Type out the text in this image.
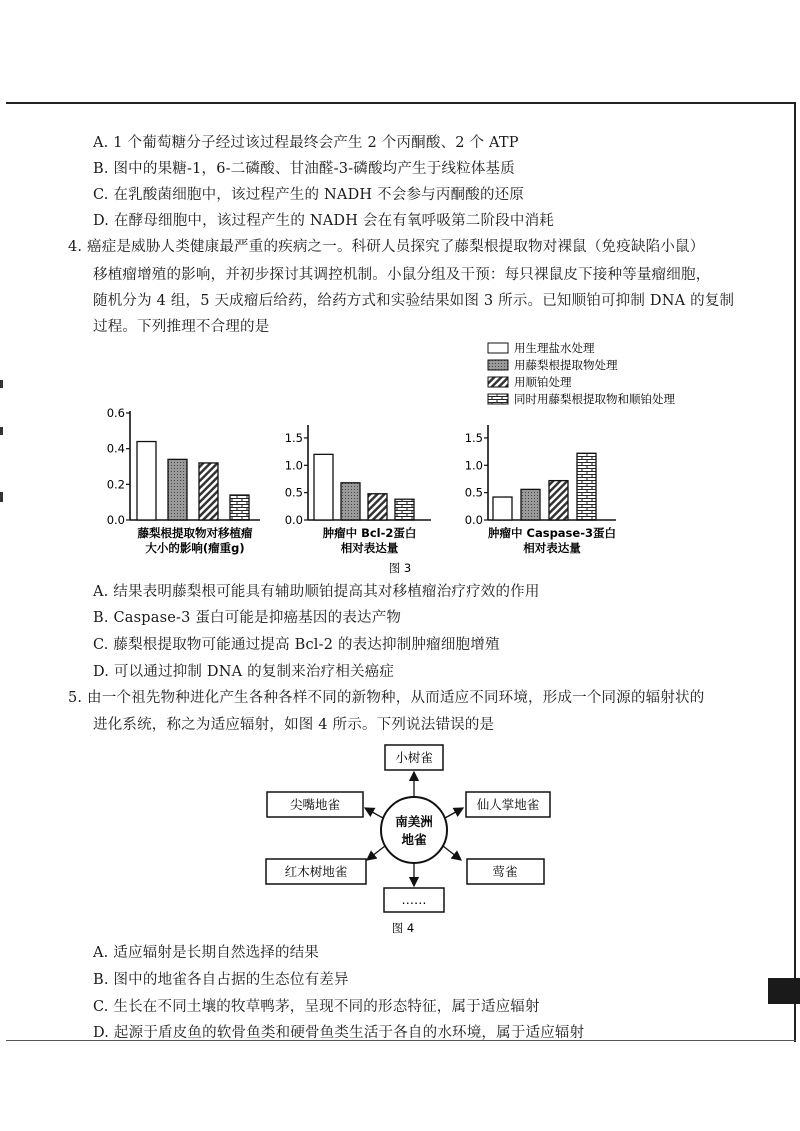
A. 1 个葡萄糖分子经过该过程最终会产生 2 个丙酮酸、2 个 ATP
B. 图中的果糖-1，6-二磷酸、甘油醛-3-磷酸均产生于线粒体基质
C. 在乳酸菌细胞中，该过程产生的 NADH 不会参与丙酮酸的还原
D. 在酵母细胞中，该过程产生的 NADH 会在有氧呼吸第二阶段中消耗
4. 癌症是威胁人类健康最严重的疾病之一。科研人员探究了藤梨根提取物对裸鼠（免疫缺陷小鼠）
移植瘤增殖的影响，并初步探讨其调控机制。小鼠分组及干预：每只裸鼠皮下接种等量瘤细胞，
随机分为 4 组，5 天成瘤后给药，给药方式和实验结果如图 3 所示。已知顺铂可抑制 DNA 的复制
过程。下列推理不合理的是
用生理盐水处理
用藤梨根提取物处理
用顺铂处理
同时用藤梨根提取物和顺铂处理
0.0
0.2
0.4
0.6
藤梨根提取物对移植瘤
大小的影响(瘤重g)
0.0
0.5
1.0
1.5
肿瘤中 Bcl-2蛋白
相对表达量
0.0
0.5
1.0
1.5
肿瘤中 Caspase-3蛋白
相对表达量
图 3
A. 结果表明藤梨根可能具有辅助顺铂提高其对移植瘤治疗疗效的作用
B. Caspase-3 蛋白可能是抑癌基因的表达产物
C. 藤梨根提取物可能通过提高 Bcl-2 的表达抑制肿瘤细胞增殖
D. 可以通过抑制 DNA 的复制来治疗相关癌症
5. 由一个祖先物种进化产生各种各样不同的新物种，从而适应不同环境，形成一个同源的辐射状的
进化系统，称之为适应辐射，如图 4 所示。下列说法错误的是
南美洲
地雀
小树雀
尖嘴地雀	仙人掌地雀
红木树地雀	莺雀
……
图 4
A. 适应辐射是长期自然选择的结果
B. 图中的地雀各自占据的生态位有差异
C. 生长在不同土壤的牧草鸭茅，呈现不同的形态特征，属于适应辐射
D. 起源于盾皮鱼的软骨鱼类和硬骨鱼类生活于各自的水环境，属于适应辐射
